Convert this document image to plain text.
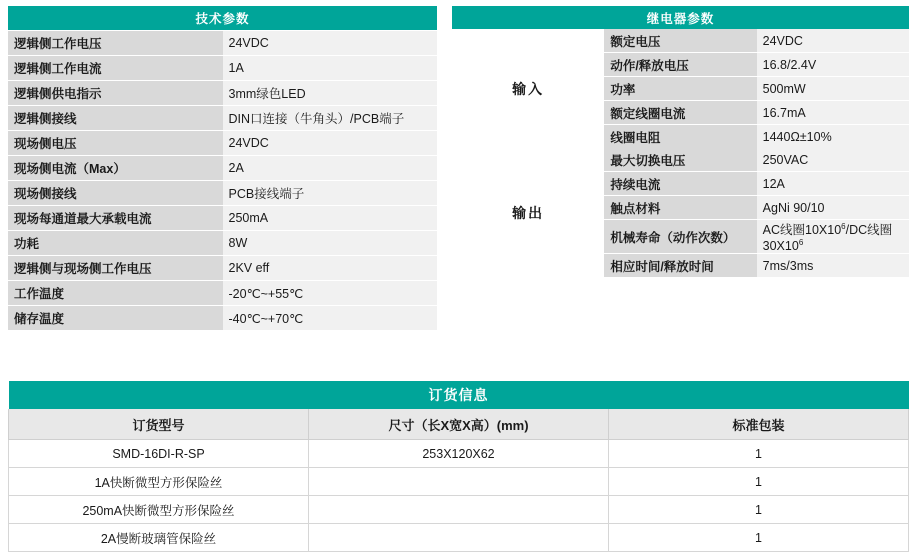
技术参数	
逻辑侧工作电压	24VDC
逻辑侧工作电流	1A
逻辑侧供电指示	3mm绿色LED
逻辑侧接线	DIN口连接（牛角头）/PCB端子
现场侧电压	24VDC
现场侧电流（Max）	2A
现场侧接线	PCB接线端子
现场每通道最大承载电流	250mA
功耗	8W
逻辑侧与现场侧工作电压	2KV eff
工作温度	-20℃~+55℃
储存温度	-40℃~+70℃
继电器参数		
输入	额定电压	24VDC
	动作/释放电压	16.8/2.4V
	功率	500mW
	额定线圈电流	16.7mA
	线圈电阻	1440Ω±10%
输出	最大切换电压	250VAC
	持续电流	12A
	触点材料	AgNi 90/10
	机械寿命（动作次数）	AC线圈$10X10^6/DC$线圈$30X10^6$
	相应时间/释放时间	7ms/3ms
订货信息		
订货型号	尺寸（长X宽X高）(mm)	标准包装
SMD-16DI-R-SP	253X120X62	1
1A快断微型方形保险丝		1
250mA快断微型方形保险丝		1
2A慢断玻璃管保险丝		1
